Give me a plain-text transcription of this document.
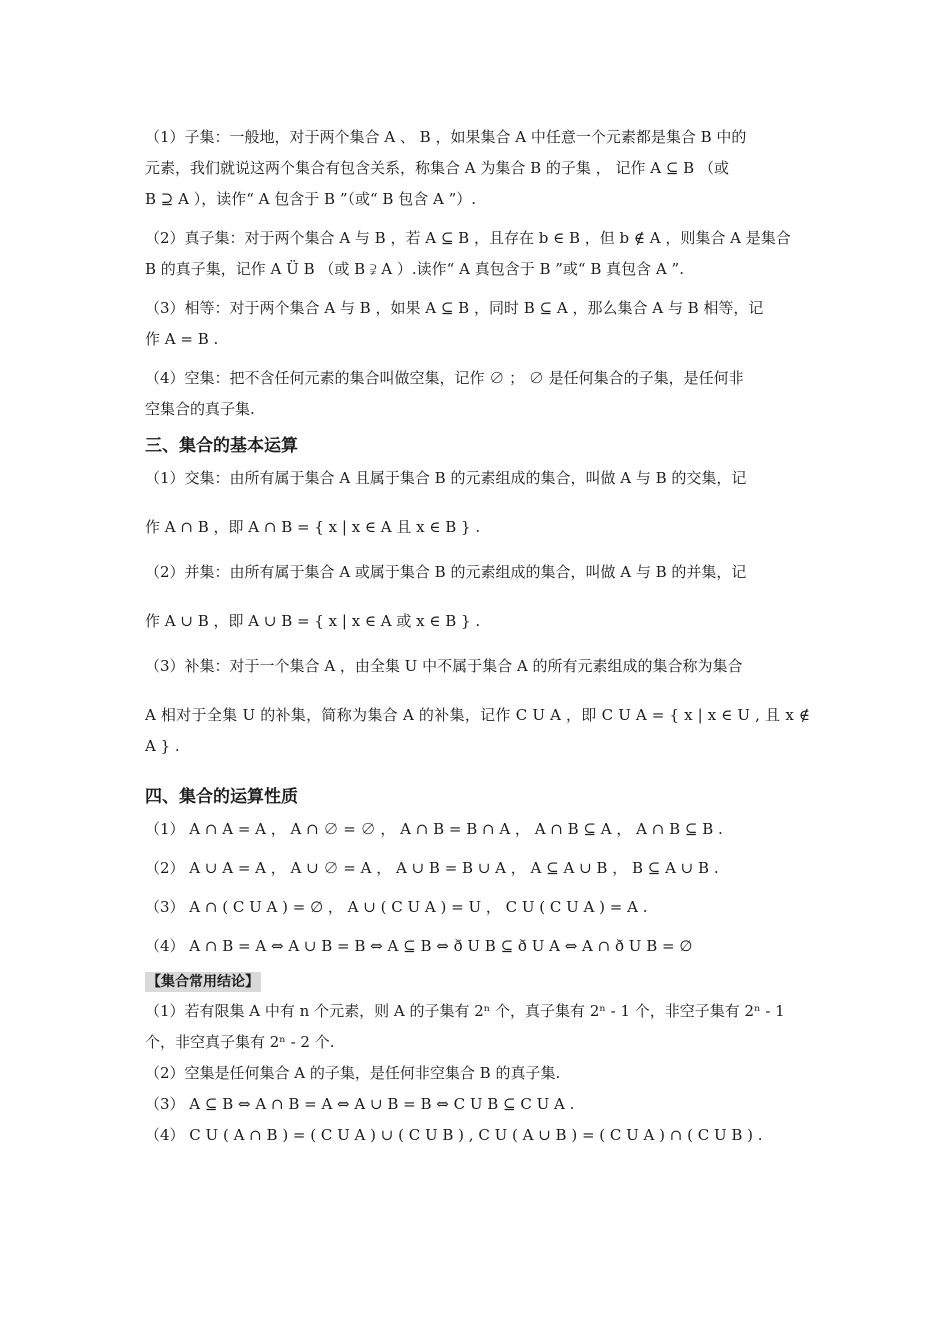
（1）子集：一般地，对于两个集合 A 、 B ，如果集合 A 中任意一个元素都是集合 B 中的

元素，我们就说这两个集合有包含关系，称集合 A 为集合 B 的子集 ， 记作 A ⊆ B （或

B ⊇ A ），读作“ A 包含于 B ”（或“ B 包含 A ”）.

（2）真子集：对于两个集合 A 与 B ，若 A ⊆ B ，且存在 b ∈ B ，但 b ∉ A ，则集合 A 是集合

B 的真子集，记作 A Ü B （或 B ⫌ A ）.读作“ A 真包含于 B ”或“ B 真包含 A ”.

（3）相等：对于两个集合 A 与 B ，如果 A ⊆ B ，同时 B ⊆ A ，那么集合 A 与 B 相等，记

作 A = B .

（4）空集：把不含任何元素的集合叫做空集，记作 ∅ ； ∅ 是任何集合的子集，是任何非

空集合的真子集.

三、集合的基本运算

（1）交集：由所有属于集合 A 且属于集合 B 的元素组成的集合，叫做 A 与 B 的交集，记

作 A ∩ B ，即 A ∩ B = { x | x ∈ A 且 x ∈ B } .

（2）并集：由所有属于集合 A 或属于集合 B 的元素组成的集合，叫做 A 与 B 的并集，记

作 A ∪ B ，即 A ∪ B = { x | x ∈ A 或 x ∈ B } .

（3）补集：对于一个集合 A ，由全集 U 中不属于集合 A 的所有元素组成的集合称为集合

A 相对于全集 U 的补集，简称为集合 A 的补集，记作 C U A ，即 C U A = { x | x ∈ U , 且 x ∉ A } .

四、集合的运算性质

（1） A ∩ A = A ， A ∩ ∅ = ∅ ， A ∩ B = B ∩ A ， A ∩ B ⊆ A ， A ∩ B ⊆ B .

（2） A ∪ A = A ， A ∪ ∅ = A ， A ∪ B = B ∪ A ， A ⊆ A ∪ B ， B ⊆ A ∪ B .

（3） A ∩ ( C U A ) = ∅ ， A ∪ ( C U A ) = U ， C U ( C U A ) = A .

（4） A ∩ B = A ⇔ A ∪ B = B ⇔ A ⊆ B ⇔ ð U B ⊆ ð U A ⇔ A ∩ ð U B = ∅

【集合常用结论】

（1）若有限集 A 中有 n 个元素，则 A 的子集有 2ⁿ 个，真子集有 2ⁿ - 1 个，非空子集有 2ⁿ - 1

个，非空真子集有 2ⁿ - 2 个.

（2）空集是任何集合 A 的子集，是任何非空集合 B 的真子集.

（3） A ⊆ B ⇔ A ∩ B = A ⇔ A ∪ B = B ⇔ C U B ⊆ C U A .

（4） C U ( A ∩ B ) = ( C U A ) ∪ ( C U B ) , C U ( A ∪ B ) = ( C U A ) ∩ ( C U B ) .
